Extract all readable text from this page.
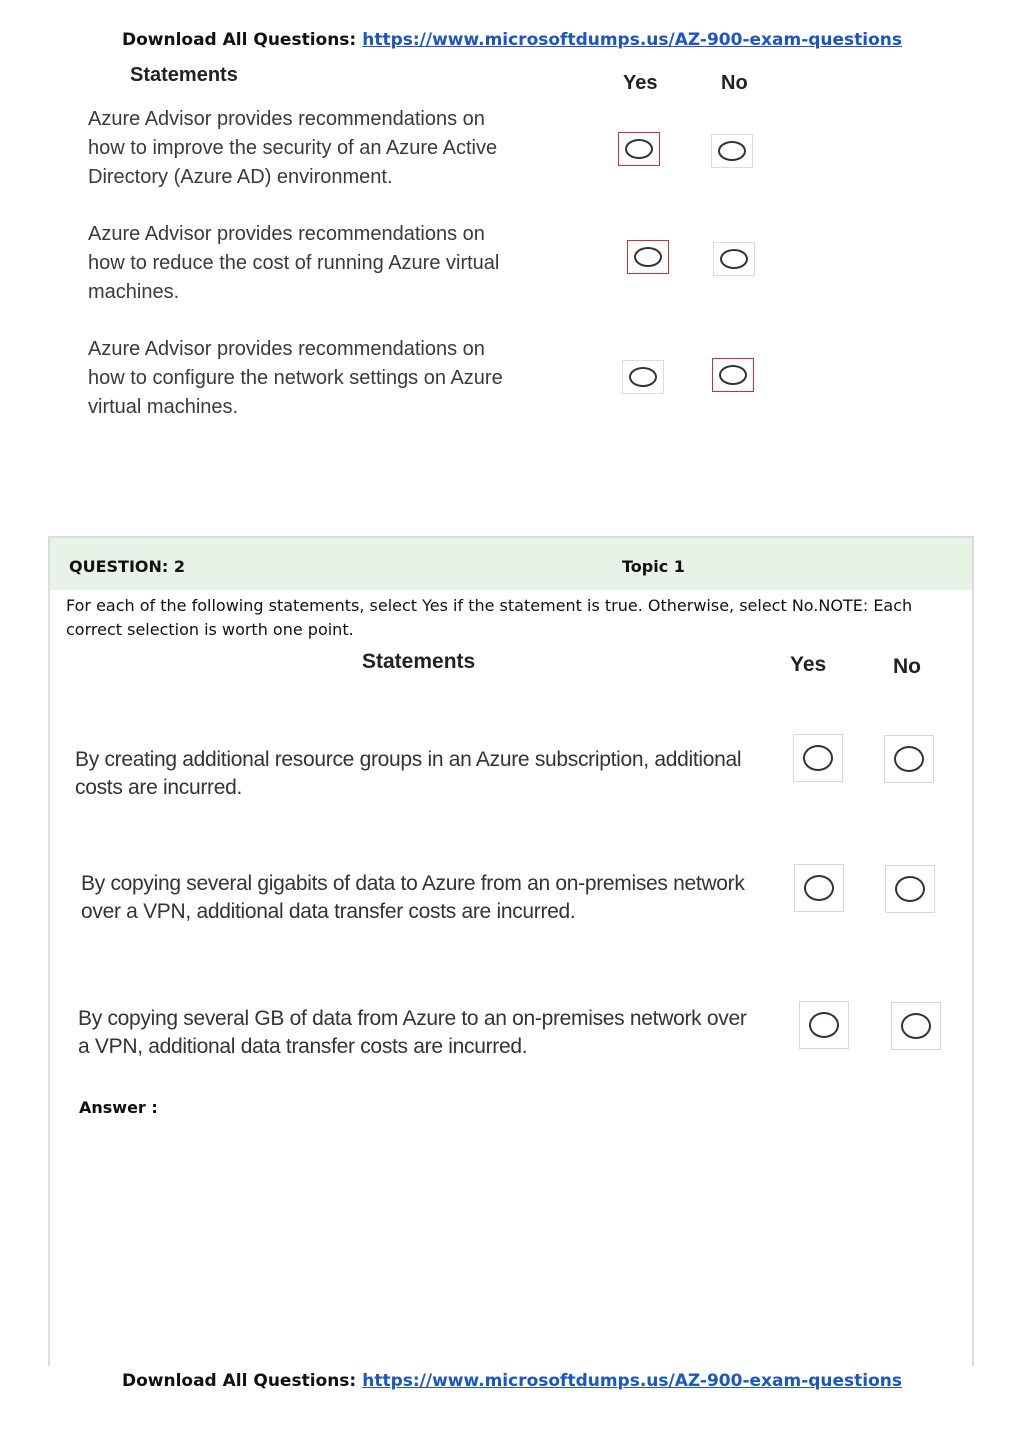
Download All Questions: https://www.microsoftdumps.us/AZ-900-exam-questions
Statements	Yes	No
Azure Advisor provides recommendations on
how to improve the security of an Azure Active
Directory (Azure AD) environment.
Azure Advisor provides recommendations on
how to reduce the cost of running Azure virtual
machines.
Azure Advisor provides recommendations on
how to configure the network settings on Azure
virtual machines.
QUESTION: 2	Topic 1
For each of the following statements, select Yes if the statement is true. Otherwise, select No.NOTE: Each correct selection is worth one point.
Statements	Yes	No
By creating additional resource groups in an Azure subscription, additional
costs are incurred.
By copying several gigabits of data to Azure from an on-premises network
over a VPN, additional data transfer costs are incurred.
By copying several GB of data from Azure to an on-premises network over
a VPN, additional data transfer costs are incurred.
Answer :
Download All Questions: https://www.microsoftdumps.us/AZ-900-exam-questions
